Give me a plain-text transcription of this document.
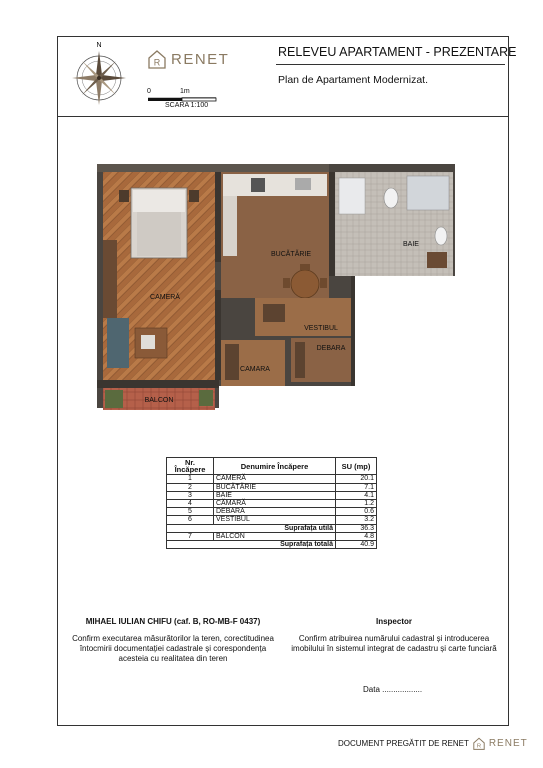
N
R RENET	RELEVEU APARTAMENT - PREZENTARE
Plan de Apartament Modernizat.
0	1m
SCARA 1:100
CAMERĂ
BUCĂTĂRIE
BAIE
VESTIBUL
DEBARA
CAMARA
BALCON
Nr. Încăpere	Denumire Încăpere	SU (mp)
1	CAMERĂ	20.1
2	BUCĂTĂRIE	7.1
3	BAIE	4.1
4	CĂMARĂ	1.2
5	DEBARA	0.6
6	VESTIBUL	3.2
Suprafața utilă		36.3
7	BALCON	4.8
Suprafața totală		40.9
MIHAEL IULIAN CHIFU (caf. B, RO-MB-F 0437)
Confirm executarea măsurătorilor la teren, corectitudinea întocmirii documentației cadastrale și corespondența acesteia cu realitatea din teren
Inspector
Confirm atribuirea numărului cadastral și introducerea imobilului în sistemul integrat de cadastru și carte funciară
Data ..................
DOCUMENT PREGĂTIT DE RENET R RENET
